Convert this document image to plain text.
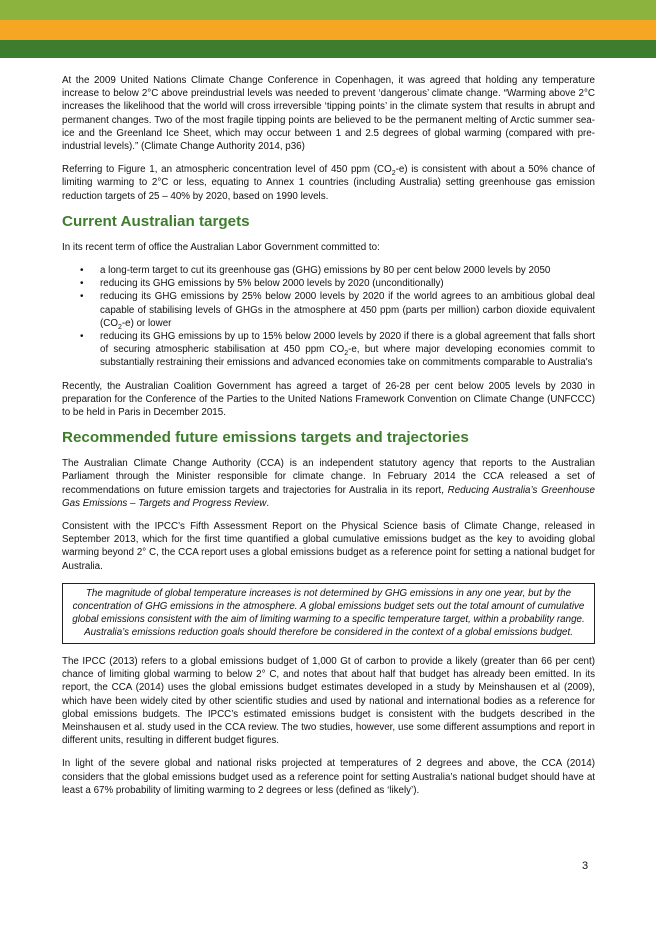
At the 2009 United Nations Climate Change Conference in Copenhagen, it was agreed that holding any temperature increase to below 2°C above preindustrial levels was needed to prevent ‘dangerous’ climate change. “Warming above 2°C increases the likelihood that the world will cross irreversible ‘tipping points’ in the climate system that results in abrupt and permanent changes. Two of the most fragile tipping points are believed to be the permanent melting of Arctic summer sea-ice and the Greenland Ice Sheet, which may occur between 1 and 2.5 degrees of global warming (compared with pre-industrial levels).” (Climate Change Authority 2014, p36)

Referring to Figure 1, an atmospheric concentration level of 450 ppm $(CO_2-e)$ is consistent with about a 50% chance of limiting warming to 2°C or less, equating to Annex 1 countries (including Australia) setting greenhouse gas emission reduction targets of 25 – 40% by 2020, based on 1990 levels.

Current Australian targets

In its recent term of office the Australian Labor Government committed to:

• a long-term target to cut its greenhouse gas (GHG) emissions by 80 per cent below 2000 levels by 2050
• reducing its GHG emissions by 5% below 2000 levels by 2020 (unconditionally)
• reducing its GHG emissions by 25% below 2000 levels by 2020 if the world agrees to an ambitious global deal capable of stabilising levels of GHGs in the atmosphere at 450 ppm (parts per million) carbon dioxide equivalent $(CO_2-e)$ or lower
• reducing its GHG emissions by up to 15% below 2000 levels by 2020 if there is a global agreement that falls short of securing atmospheric stabilisation at 450 ppm $CO_2-e$, but where major developing economies commit to substantially restraining their emissions and advanced economies take on commitments comparable to Australia's

Recently, the Australian Coalition Government has agreed a target of 26-28 per cent below 2005 levels by 2030 in preparation for the Conference of the Parties to the United Nations Framework Convention on Climate Change (UNFCCC) to be held in Paris in December 2015.

Recommended future emissions targets and trajectories

The Australian Climate Change Authority (CCA) is an independent statutory agency that reports to the Australian Parliament through the Minister responsible for climate change. In February 2014 the CCA released a set of recommendations on future emission targets and trajectories for Australia in its report, Reducing Australia’s Greenhouse Gas Emissions – Targets and Progress Review.

Consistent with the IPCC’s Fifth Assessment Report on the Physical Science basis of Climate Change, released in September 2013, which for the first time quantified a global cumulative emissions budget as the key to avoiding global warming beyond 2° C, the CCA report uses a global emissions budget as a reference point for setting a national budget for Australia.

The magnitude of global temperature increases is not determined by GHG emissions in any one year, but by the concentration of GHG emissions in the atmosphere. A global emissions budget sets out the total amount of cumulative global emissions consistent with the aim of limiting warming to a specific temperature target, within a probability range. Australia’s emissions reduction goals should therefore be considered in the context of a global emissions budget.

The IPCC (2013) refers to a global emissions budget of 1,000 Gt of carbon to provide a likely (greater than 66 per cent) chance of limiting global warming to below 2° C, and notes that about half that budget has already been emitted. In its report, the CCA (2014) uses the global emissions budget estimates developed in a study by Meinshausen et al (2009), which have been widely cited by other scientific studies and used by national and international bodies as a reference for global emissions budgets. The IPCC’s estimated emissions budget is consistent with the budgets described in the Meinshausen et al. study used in the CCA review. The two studies, however, use some different assumptions and report in different units, resulting in different budget figures.

In light of the severe global and national risks projected at temperatures of 2 degrees and above, the CCA (2014) considers that the global emissions budget used as a reference point for setting Australia’s national budget should have at least a 67% probability of limiting warming to 2 degrees or less (defined as ‘likely’).

3
